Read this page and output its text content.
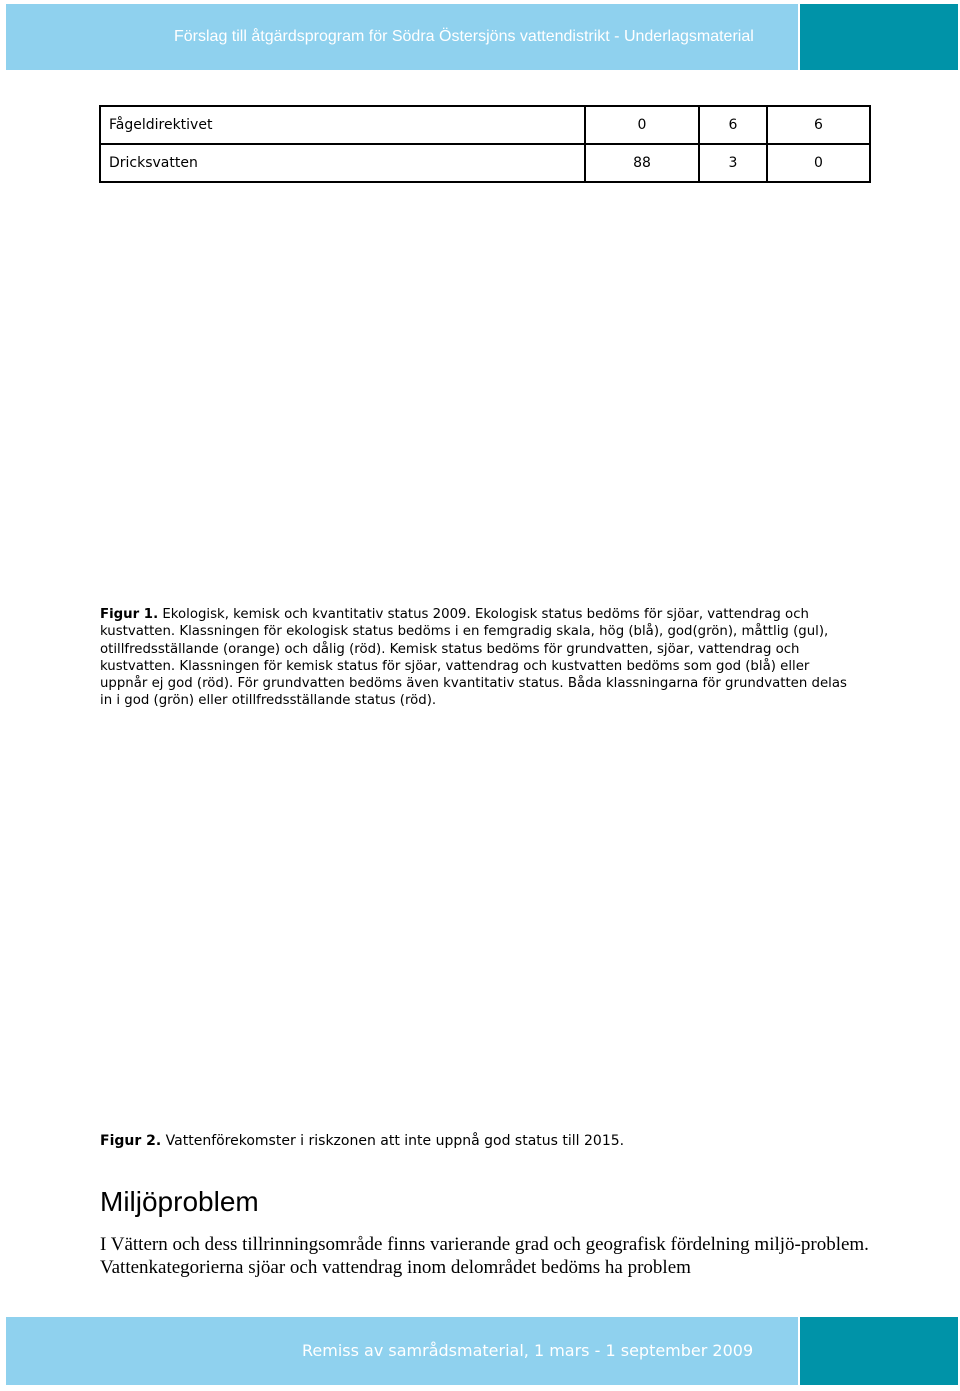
Förslag till åtgärdsprogram för Södra Östersjöns vattendistrikt - Underlagsmaterial
Fågeldirektivet	0	6	6
Dricksvatten	88	3	0
Figur 1. Ekologisk, kemisk och kvantitativ status 2009. Ekologisk status bedöms för sjöar, vattendrag och kustvatten. Klassningen för ekologisk status bedöms i en femgradig skala, hög (blå), god(grön), måttlig (gul), otillfredsställande (orange) och dålig (röd). Kemisk status bedöms för grundvatten, sjöar, vattendrag och kustvatten. Klassningen för kemisk status för sjöar, vattendrag och kustvatten bedöms som god (blå) eller uppnår ej god (röd). För grundvatten bedöms även kvantitativ status. Båda klassningarna för grundvatten delas in i god (grön) eller otillfredsställande status (röd).
Figur 2. Vattenförekomster i riskzonen att inte uppnå god status till 2015.
Miljöproblem
I Vättern och dess tillrinningsområde finns varierande grad och geografisk fördelning miljö-problem. Vattenkategorierna sjöar och vattendrag inom delområdet bedöms ha problem
Remiss av samrådsmaterial, 1 mars - 1 september 2009
